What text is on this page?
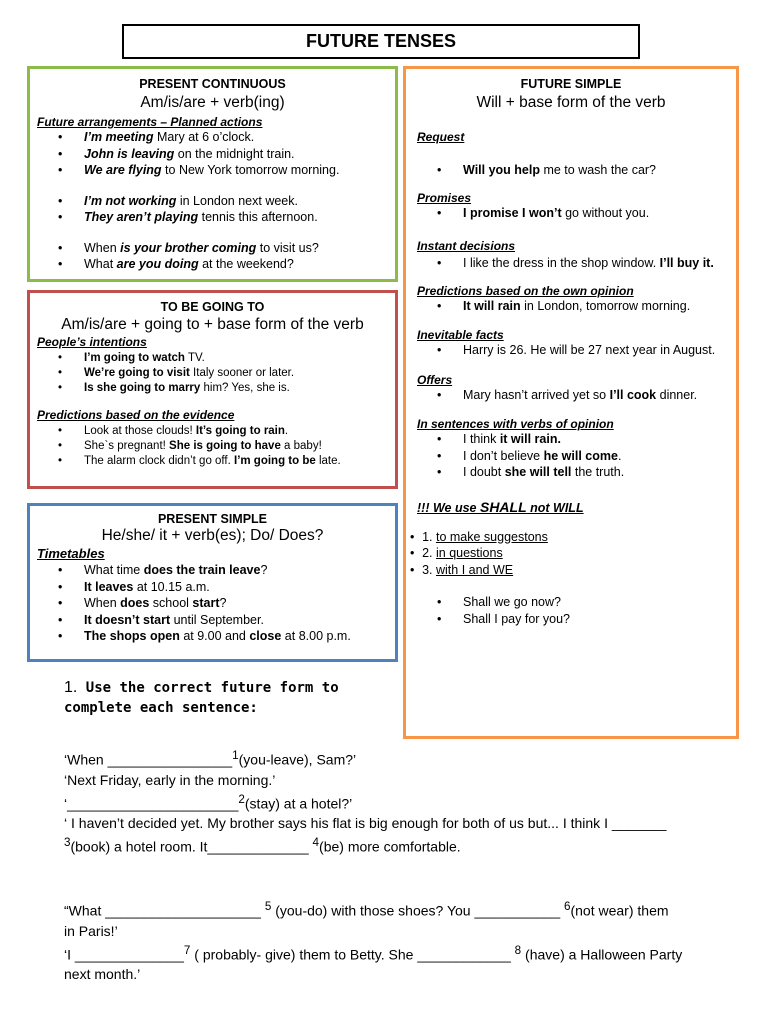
FUTURE TENSES
PRESENT CONTINUOUS
Am/is/are + verb(ing)
Future arrangements – Planned actions
• I’m meeting Mary at 6 o’clock.
• John is leaving on the midnight train.
• We are flying to New York tomorrow morning.
• I’m not working in London next week.
• They aren’t playing tennis this afternoon.
• When is your brother coming to visit us?
• What are you doing at the weekend?
TO BE GOING TO
Am/is/are + going to + base form of the verb
People’s intentions
• I’m going to watch TV.
• We’re going to visit Italy sooner or later.
• Is she going to marry him? Yes, she is.
Predictions based on the evidence
• Look at those clouds! It’s going to rain.
• She`s pregnant! She is going to have a baby!
• The alarm clock didn’t go off. I’m going to be late.
PRESENT SIMPLE
He/she/ it + verb(es); Do/ Does?
Timetables
• What time does the train leave?
• It leaves at 10.15 a.m.
• When does school start?
• It doesn’t start until September.
• The shops open at 9.00 and close at 8.00 p.m.
FUTURE SIMPLE
Will + base form of the verb
Request
• Will you help me to wash the car?
Promises
• I promise I won’t go without you.
Instant decisions
• I like the dress in the shop window. I’ll buy it.
Predictions based on the own opinion
• It will rain in London, tomorrow morning.
Inevitable facts
• Harry is 26. He will be 27 next year in August.
Offers
• Mary hasn’t arrived yet so I’ll cook dinner.
In sentences with verbs of opinion
• I think it will rain.
• I don’t believe he will come.
• I doubt she will tell the truth.
!!! We use SHALL not WILL
• 1. to make suggestons
• 2. in questions
• 3. with I and WE
• Shall we go now?
• Shall I pay for you?
1. Use the correct future form to complete each sentence:
‘When ________________$^1$(you-leave), Sam?’
‘Next Friday, early in the morning.’
‘______________________$^2$(stay) at a hotel?’
‘ I haven’t decided yet. My brother says his flat is big enough for both of us but... I think I _______
$^3$(book) a hotel room. It_____________ $^4$(be) more comfortable.
“What ____________________ $^5$ (you-do) with those shoes? You ___________ $^6$(not wear) them
in Paris!’
‘I ______________$^7$ ( probably- give) them to Betty. She ____________ $^8$ (have) a Halloween Party
next month.’
